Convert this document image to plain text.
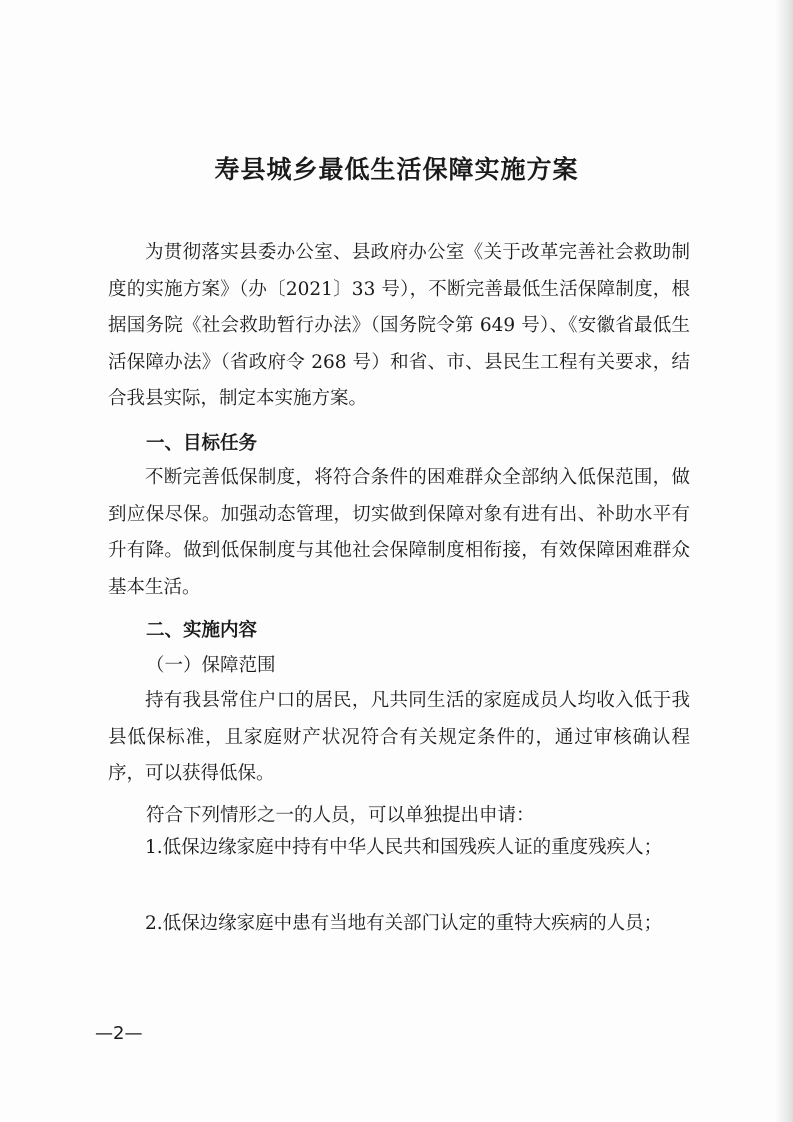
寿县城乡最低生活保障实施方案
为贯彻落实县委办公室、县政府办公室《关于改革完善社会救助制度的实施方案》（办〔2021〕33 号），不断完善最低生活保障制度，根据国务院《社会救助暂行办法》（国务院令第 649 号）、《安徽省最低生活保障办法》（省政府令 268 号）和省、市、县民生工程有关要求，结合我县实际，制定本实施方案。
一、目标任务
不断完善低保制度，将符合条件的困难群众全部纳入低保范围，做到应保尽保。加强动态管理，切实做到保障对象有进有出、补助水平有升有降。做到低保制度与其他社会保障制度相衔接，有效保障困难群众基本生活。
二、实施内容
（一）保障范围
持有我县常住户口的居民，凡共同生活的家庭成员人均收入低于我县低保标准，且家庭财产状况符合有关规定条件的，通过审核确认程序，可以获得低保。
符合下列情形之一的人员，可以单独提出申请：
1.低保边缘家庭中持有中华人民共和国残疾人证的重度残疾人；
2.低保边缘家庭中患有当地有关部门认定的重特大疾病的人员；
—2—
